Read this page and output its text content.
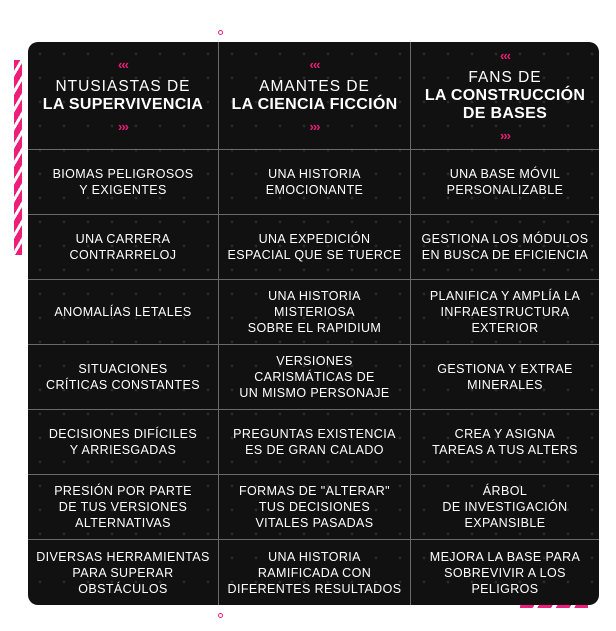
‹‹‹
NTUSIASTAS DE
LA SUPERVIVENCIA
›››
‹‹‹
AMANTES DE
LA CIENCIA FICCIÓN
›››
‹‹‹
FANS DE
LA CONSTRUCCIÓN
DE BASES
›››
BIOMAS PELIGROSOS
Y EXIGENTES
UNA HISTORIA
EMOCIONANTE
UNA BASE MÓVIL
PERSONALIZABLE
UNA CARRERA
CONTRARRELOJ
UNA EXPEDICIÓN
ESPACIAL QUE SE TUERCE
GESTIONA LOS MÓDULOS
EN BUSCA DE EFICIENCIA
ANOMALÍAS LETALES
UNA HISTORIA
MISTERIOSA
SOBRE EL RAPIDIUM
PLANIFICA Y AMPLÍA LA
INFRAESTRUCTURA
EXTERIOR
SITUACIONES
CRÍTICAS CONSTANTES
VERSIONES
CARISMÁTICAS DE
UN MISMO PERSONAJE
GESTIONA Y EXTRAE
MINERALES
DECISIONES DIFÍCILES
Y ARRIESGADAS
PREGUNTAS EXISTENCIA
ES DE GRAN CALADO
CREA Y ASIGNA
TAREAS A TUS ALTERS
PRESIÓN POR PARTE
DE TUS VERSIONES
ALTERNATIVAS
FORMAS DE "ALTERAR"
TUS DECISIONES
VITALES PASADAS
ÁRBOL
DE INVESTIGACIÓN
EXPANSIBLE
DIVERSAS HERRAMIENTAS
PARA SUPERAR
OBSTÁCULOS
UNA HISTORIA
RAMIFICADA CON
DIFERENTES RESULTADOS
MEJORA LA BASE PARA
SOBREVIVIR A LOS PELIGROS
